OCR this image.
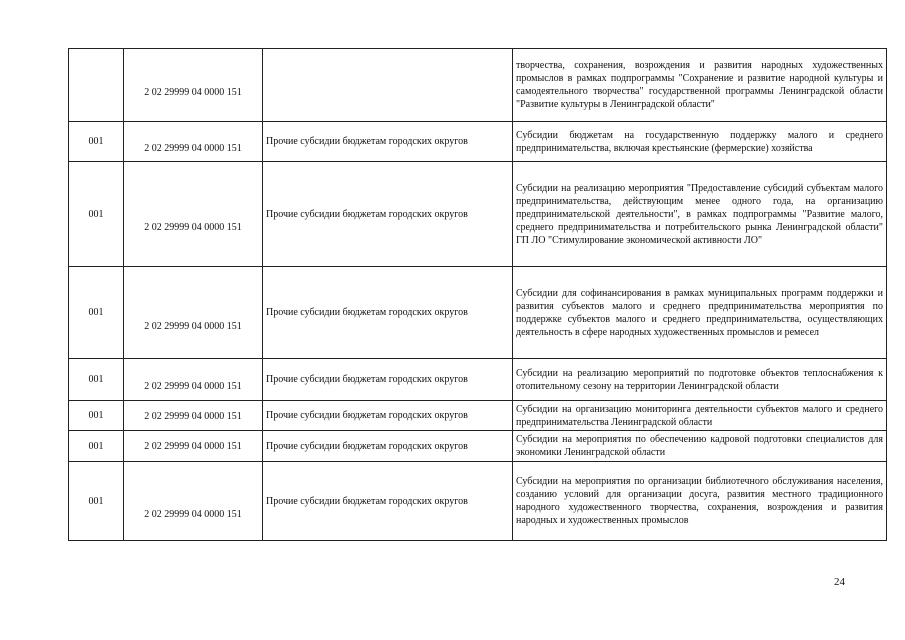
	2 02 29999 04 0000 151		творчества, сохранения, возрождения и развития народных художественных промыслов в рамках подпрограммы "Сохранение и развитие народной культуры и самодеятельного творчества" государственной программы Ленинградской области "Развитие культуры в Ленинградской области"
001	2 02 29999 04 0000 151	Прочие субсидии бюджетам городских округов	Субсидии бюджетам на государственную поддержку малого и среднего предпринимательства, включая крестьянские (фермерские) хозяйства
001	2 02 29999 04 0000 151	Прочие субсидии бюджетам городских округов	Субсидии на реализацию мероприятия "Предоставление субсидий субъектам малого предпринимательства, действующим менее одного года, на организацию предпринимательской деятельности", в рамках подпрограммы "Развитие малого, среднего предпринимательства и потребительского рынка Ленинградской области" ГП ЛО "Стимулирование экономической активности ЛО"
001	2 02 29999 04 0000 151	Прочие субсидии бюджетам городских округов	Субсидии для софинансирования в рамках муниципальных программ поддержки и развития субъектов малого и среднего предпринимательства мероприятия по поддержке субъектов малого и среднего предпринимательства, осуществляющих деятельность в сфере народных художественных промыслов и ремесел
001	2 02 29999 04 0000 151	Прочие субсидии бюджетам городских округов	Субсидии на реализацию мероприятий по подготовке объектов теплоснабжения к отопительному сезону на территории Ленинградской области
001	2 02 29999 04 0000 151	Прочие субсидии бюджетам городских округов	Субсидии на организацию мониторинга деятельности субъектов малого и среднего предпринимательства Ленинградской области
001	2 02 29999 04 0000 151	Прочие субсидии бюджетам городских округов	Субсидии на мероприятия по обеспечению кадровой подготовки специалистов для экономики Ленинградской области
001	2 02 29999 04 0000 151	Прочие субсидии бюджетам городских округов	Субсидии на мероприятия по организации библиотечного обслуживания населения, созданию условий для организации досуга, развития местного традиционного народного художественного творчества, сохранения, возрождения и развития народных и художественных промыслов
24
